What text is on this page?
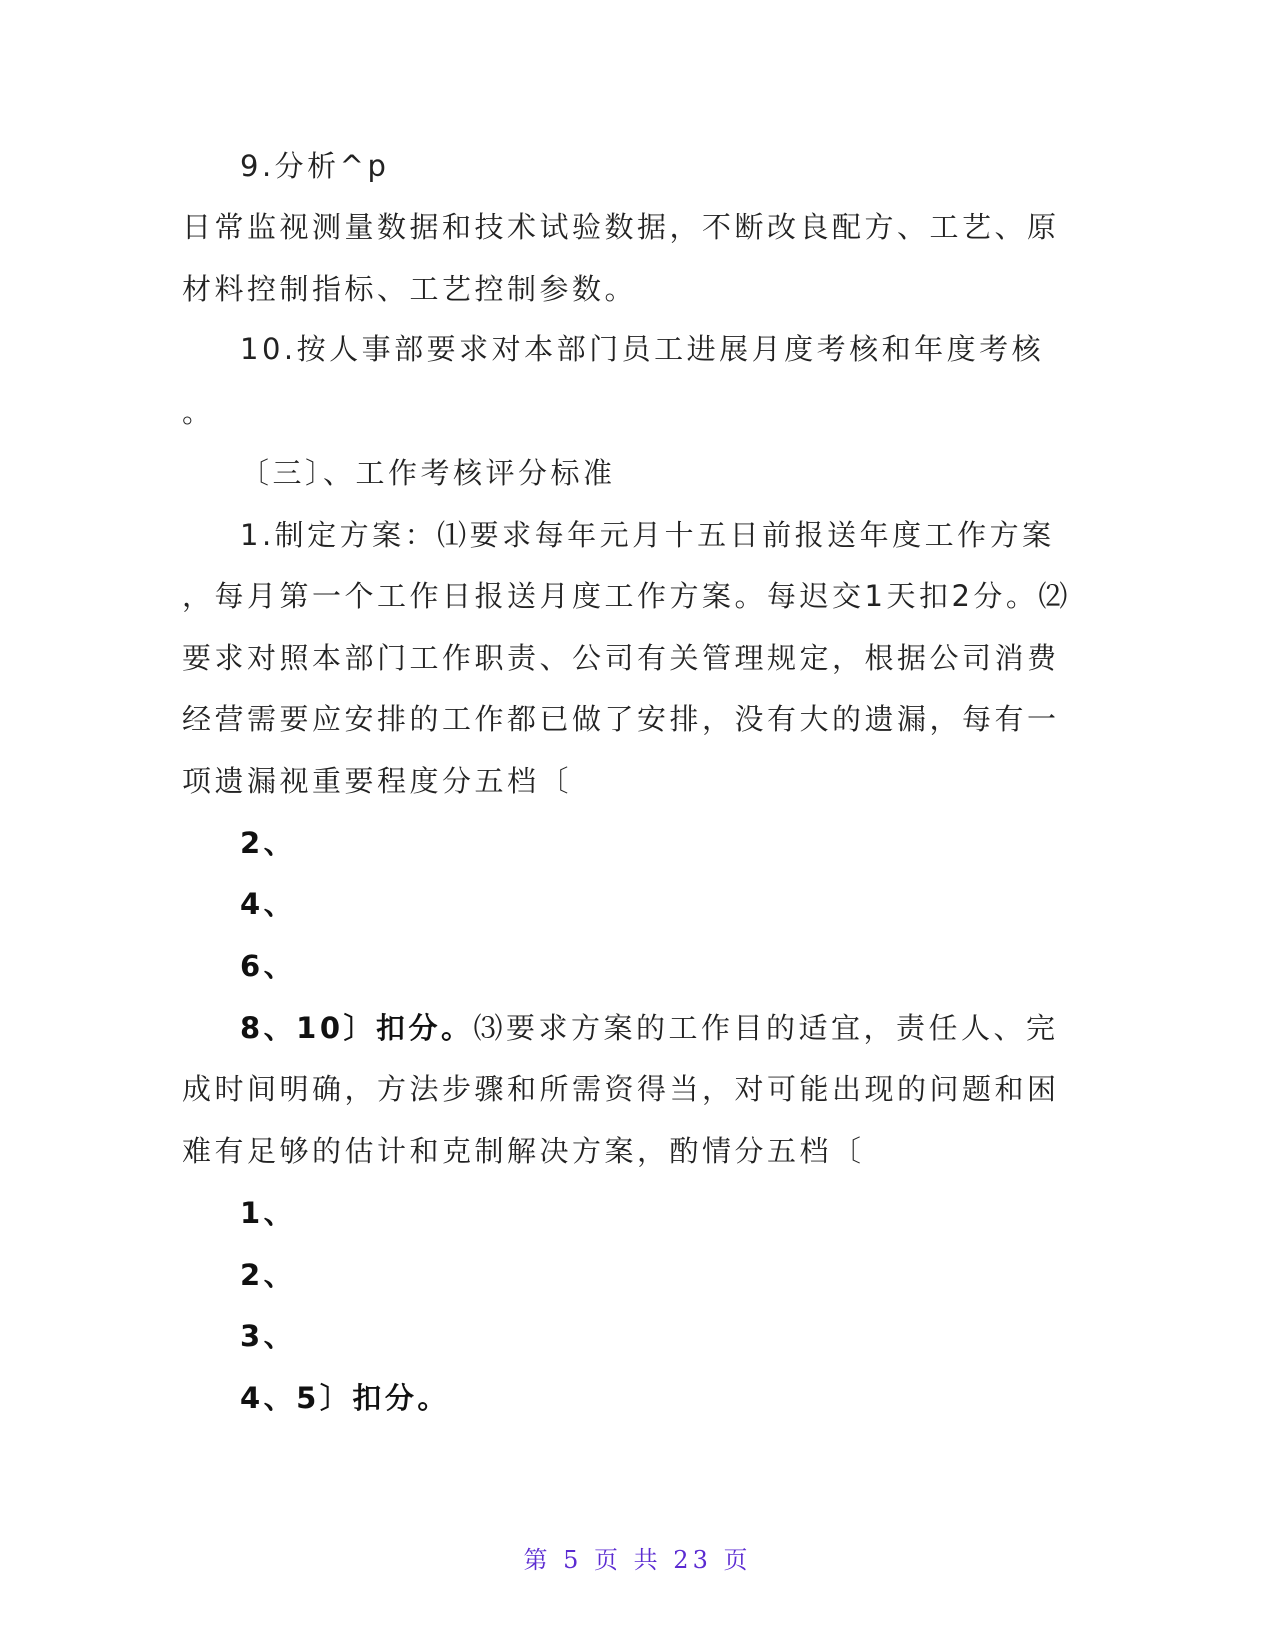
9.分析^p
日常监视测量数据和技术试验数据，不断改良配方、工艺、原
材料控制指标、工艺控制参数。
10.按人事部要求对本部门员工进展月度考核和年度考核
。
〔三〕、工作考核评分标准
1.制定方案：⑴要求每年元月十五日前报送年度工作方案
，每月第一个工作日报送月度工作方案。每迟交1天扣2分。⑵
要求对照本部门工作职责、公司有关管理规定，根据公司消费
经营需要应安排的工作都已做了安排，没有大的遗漏，每有一
项遗漏视重要程度分五档〔
2、
4、
6、
8、10〕扣分。⑶要求方案的工作目的适宜，责任人、完
成时间明确，方法步骤和所需资得当，对可能出现的问题和困
难有足够的估计和克制解决方案，酌情分五档〔
1、
2、
3、
4、5〕扣分。
第 5 页 共 23 页
